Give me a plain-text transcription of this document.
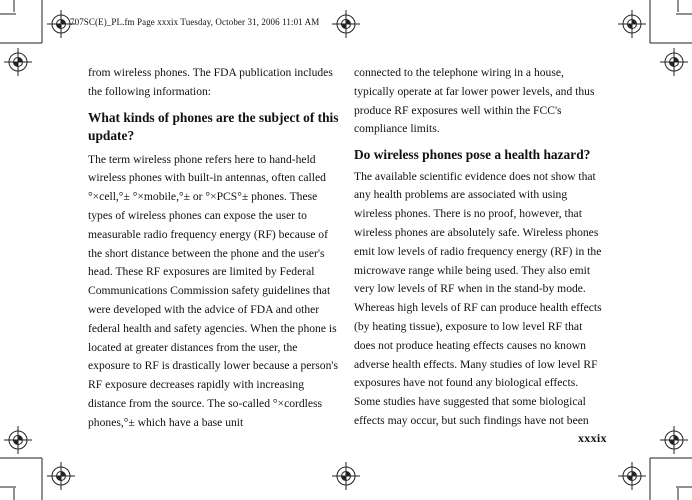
707SC(E)_PL.fm Page xxxix Tuesday, October 31, 2006 11:01 AM

from wireless phones. The FDA publication includes the following information:

What kinds of phones are the subject of this update?

The term wireless phone refers here to hand-held wireless phones with built-in antennas, often called °×cell,°± °×mobile,°± or °×PCS°± phones. These types of wireless phones can expose the user to measurable radio frequency energy (RF) because of the short distance between the phone and the user's head. These RF exposures are limited by Federal Communications Commission safety guidelines that were developed with the advice of FDA and other federal health and safety agencies. When the phone is located at greater distances from the user, the exposure to RF is drastically lower because a person's RF exposure decreases rapidly with increasing distance from the source. The so-called °×cordless phones,°± which have a base unit

connected to the telephone wiring in a house, typically operate at far lower power levels, and thus produce RF exposures well within the FCC's compliance limits.

Do wireless phones pose a health hazard?

The available scientific evidence does not show that any health problems are associated with using wireless phones. There is no proof, however, that wireless phones are absolutely safe. Wireless phones emit low levels of radio frequency energy (RF) in the microwave range while being used. They also emit very low levels of RF when in the stand-by mode. Whereas high levels of RF can produce health effects (by heating tissue), exposure to low level RF that does not produce heating effects causes no known adverse health effects. Many studies of low level RF exposures have not found any biological effects. Some studies have suggested that some biological effects may occur, but such findings have not been

xxxix
